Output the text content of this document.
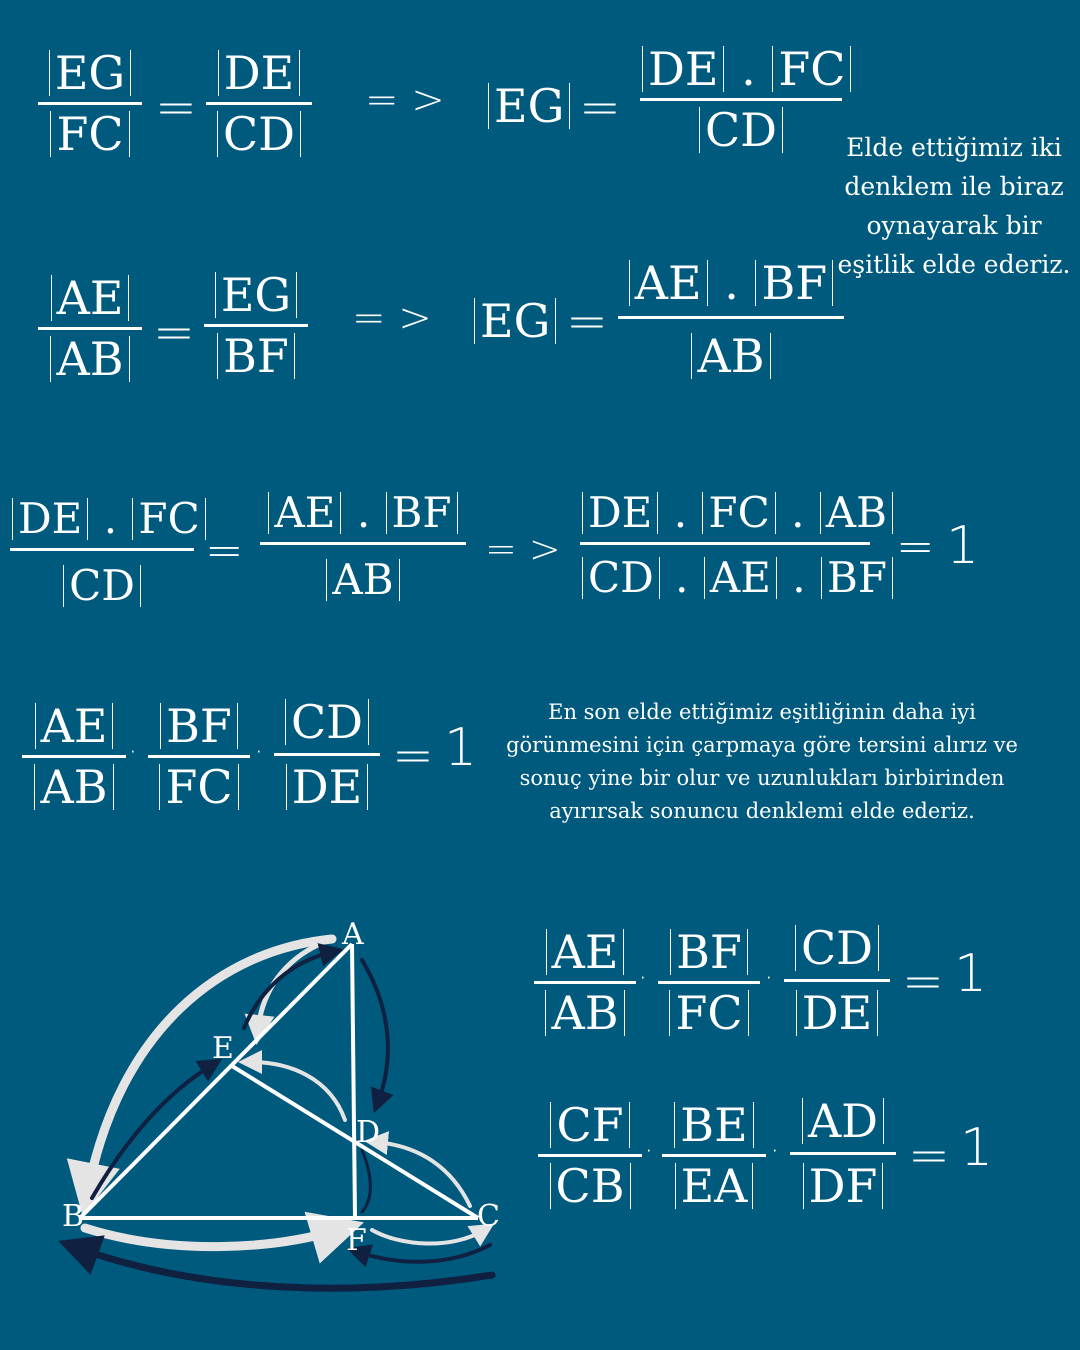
EG
FC =
DE
CD
= > EG =
DE . FC
CD	Elde ettiğimiz iki denklem ile biraz oynayarak bir eşitlik elde ederiz.
AE
AB =
EG
BF
= > EG =
AE . BF
AB
DE . FC
CD
=
AE . BF
AB
= >
DE . FC . AB
CD . AE . BF
= 1
AE
AB
· BF
FC
·
CD
DE
= 1
En son elde ettiğimiz eşitliğinin daha iyi görünmesini için çarpmaya göre tersini alırız ve sonuç yine bir olur ve uzunlukları birbirinden ayırırsak sonuncu denklemi elde ederiz.
A
E
D
B
F
C
AE
AB
· BF
FC
·
CD
DE
= 1
CF
CB
· BE
EA
·
AD
DF
= 1
